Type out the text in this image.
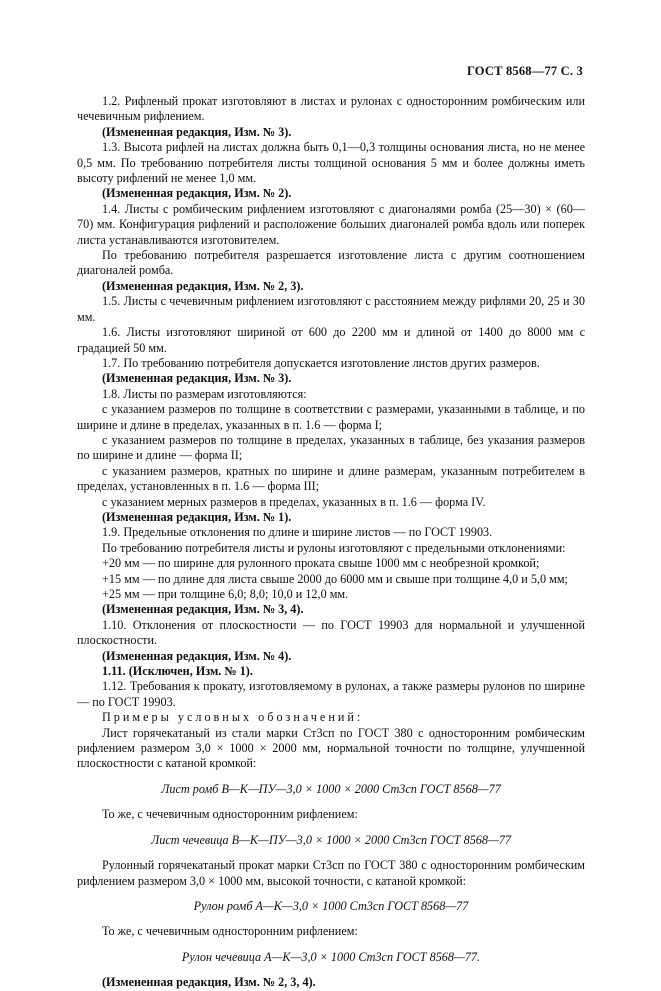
ГОСТ 8568—77 С. 3

1.2. Рифленый прокат изготовляют в листах и рулонах с односторонним ромбическим или чечевичным рифлением.

(Измененная редакция, Изм. № 3).

1.3. Высота рифлей на листах должна быть 0,1—0,3 толщины основания листа, но не менее 0,5 мм. По требованию потребителя листы толщиной основания 5 мм и более должны иметь высоту рифлений не менее 1,0 мм.

(Измененная редакция, Изм. № 2).

1.4. Листы с ромбическим рифлением изготовляют с диагоналями ромба (25—30) × (60—70) мм. Конфигурация рифлений и расположение больших диагоналей ромба вдоль или поперек листа устанавливаются изготовителем.

По требованию потребителя разрешается изготовление листа с другим соотношением диагоналей ромба.

(Измененная редакция, Изм. № 2, 3).

1.5. Листы с чечевичным рифлением изготовляют с расстоянием между рифлями 20, 25 и 30 мм.

1.6. Листы изготовляют шириной от 600 до 2200 мм и длиной от 1400 до 8000 мм с градацией 50 мм.

1.7. По требованию потребителя допускается изготовление листов других размеров.

(Измененная редакция, Изм. № 3).

1.8. Листы по размерам изготовляются:

с указанием размеров по толщине в соответствии с размерами, указанными в таблице, и по ширине и длине в пределах, указанных в п. 1.6 — форма I;

с указанием размеров по толщине в пределах, указанных в таблице, без указания размеров по ширине и длине — форма II;

с указанием размеров, кратных по ширине и длине размерам, указанным потребителем в пределах, установленных в п. 1.6 — форма III;

с указанием мерных размеров в пределах, указанных в п. 1.6 — форма IV.

(Измененная редакция, Изм. № 1).

1.9. Предельные отклонения по длине и ширине листов — по ГОСТ 19903.

По требованию потребителя листы и рулоны изготовляют с предельными отклонениями:

+20 мм — по ширине для рулонного проката свыше 1000 мм с необрезной кромкой;

+15 мм — по длине для листа свыше 2000 до 6000 мм и свыше при толщине 4,0 и 5,0 мм;

+25 мм — при толщине 6,0; 8,0; 10,0 и 12,0 мм.

(Измененная редакция, Изм. № 3, 4).

1.10. Отклонения от плоскостности — по ГОСТ 19903 для нормальной и улучшенной плоскостности.

(Измененная редакция, Изм. № 4).

1.11. (Исключен, Изм. № 1).

1.12. Требования к прокату, изготовляемому в рулонах, а также размеры рулонов по ширине — по ГОСТ 19903.

Примеры условных обозначений:

Лист горячекатаный из стали марки Ст3сп по ГОСТ 380 с односторонним ромбическим рифлением размером 3,0 × 1000 × 2000 мм, нормальной точности по толщине, улучшенной плоскостности с катаной кромкой:

Лист ромб В—К—ПУ—3,0 × 1000 × 2000 Ст3сп ГОСТ 8568—77

То же, с чечевичным односторонним рифлением:

Лист чечевица В—К—ПУ—3,0 × 1000 × 2000 Ст3сп ГОСТ 8568—77

Рулонный горячекатаный прокат марки Ст3сп по ГОСТ 380 с односторонним ромбическим рифлением размером 3,0 × 1000 мм, высокой точности, с катаной кромкой:

Рулон ромб А—К—3,0 × 1000 Ст3сп ГОСТ 8568—77

То же, с чечевичным односторонним рифлением:

Рулон чечевица А—К—3,0 × 1000 Ст3сп ГОСТ 8568—77.

(Измененная редакция, Изм. № 2, 3, 4).
